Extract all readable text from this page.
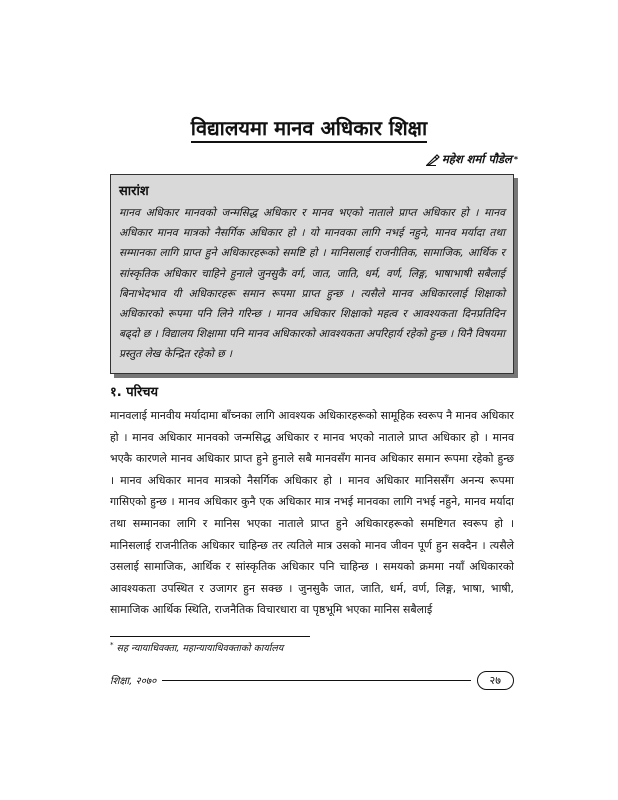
विद्यालयमा मानव अधिकार शिक्षा
महेश शर्मा पौडेल *

सारांश

मानव अधिकार मानवको जन्मसिद्ध अधिकार र मानव भएको नाताले प्राप्त अधिकार हो । मानव अधिकार मानव मात्रको नैसर्गिक अधिकार हो । यो मानवका लागि नभई नहुने, मानव मर्यादा तथा सम्मानका लागि प्राप्त हुने अधिकारहरूको समष्टि हो । मानिसलाई राजनीतिक, सामाजिक, आर्थिक र सांस्कृतिक अधिकार चाहिने हुनाले जुनसुकै वर्ग, जात, जाति, धर्म, वर्ण, लिङ्ग, भाषाभाषी सबैलाई बिनाभेदभाव यी अधिकारहरू समान रूपमा प्राप्त हुन्छ । त्यसैले मानव अधिकारलाई शिक्षाको अधिकारको रूपमा पनि लिने गरिन्छ । मानव अधिकार शिक्षाको महत्व र आवश्यकता दिनप्रतिदिन बढ्दो छ । विद्यालय शिक्षामा पनि मानव अधिकारको आवश्यकता अपरिहार्य रहेको हुन्छ । यिनै विषयमा प्रस्तुत लेख केन्द्रित रहेको छ ।

१. परिचय

मानवलाई मानवीय मर्यादामा बाँच्नका लागि आवश्यक अधिकारहरूको सामूहिक स्वरूप नै मानव अधिकार हो । मानव अधिकार मानवको जन्मसिद्ध अधिकार र मानव भएको नाताले प्राप्त अधिकार हो । मानव भएकै कारणले मानव अधिकार प्राप्त हुने हुनाले सबै मानवसँग मानव अधिकार समान रूपमा रहेको हुन्छ । मानव अधिकार मानव मात्रको नैसर्गिक अधिकार हो । मानव अधिकार मानिससँग अनन्य रूपमा गासिएको हुन्छ । मानव अधिकार कुनै एक अधिकार मात्र नभई मानवका लागि नभई नहुने, मानव मर्यादा तथा सम्मानका लागि र मानिस भएका नाताले प्राप्त हुने अधिकारहरूको समष्टिगत स्वरूप हो । मानिसलाई राजनीतिक अधिकार चाहिन्छ तर त्यतिले मात्र उसको मानव जीवन पूर्ण हुन सक्दैन । त्यसैले उसलाई सामाजिक, आर्थिक र सांस्कृतिक अधिकार पनि चाहिन्छ । समयको क्रममा नयाँ अधिकारको आवश्यकता उपस्थित र उजागर हुन सक्छ । जुनसुकै जात, जाति, धर्म, वर्ण, लिङ्ग, भाषा, भाषी, सामाजिक आर्थिक स्थिति, राजनैतिक विचारधारा वा पृष्ठभूमि भएका मानिस सबैलाई

* सह न्यायाधिवक्ता, महान्यायाधिवक्ताको कार्यालय
शिक्षा, २०७०	२७
